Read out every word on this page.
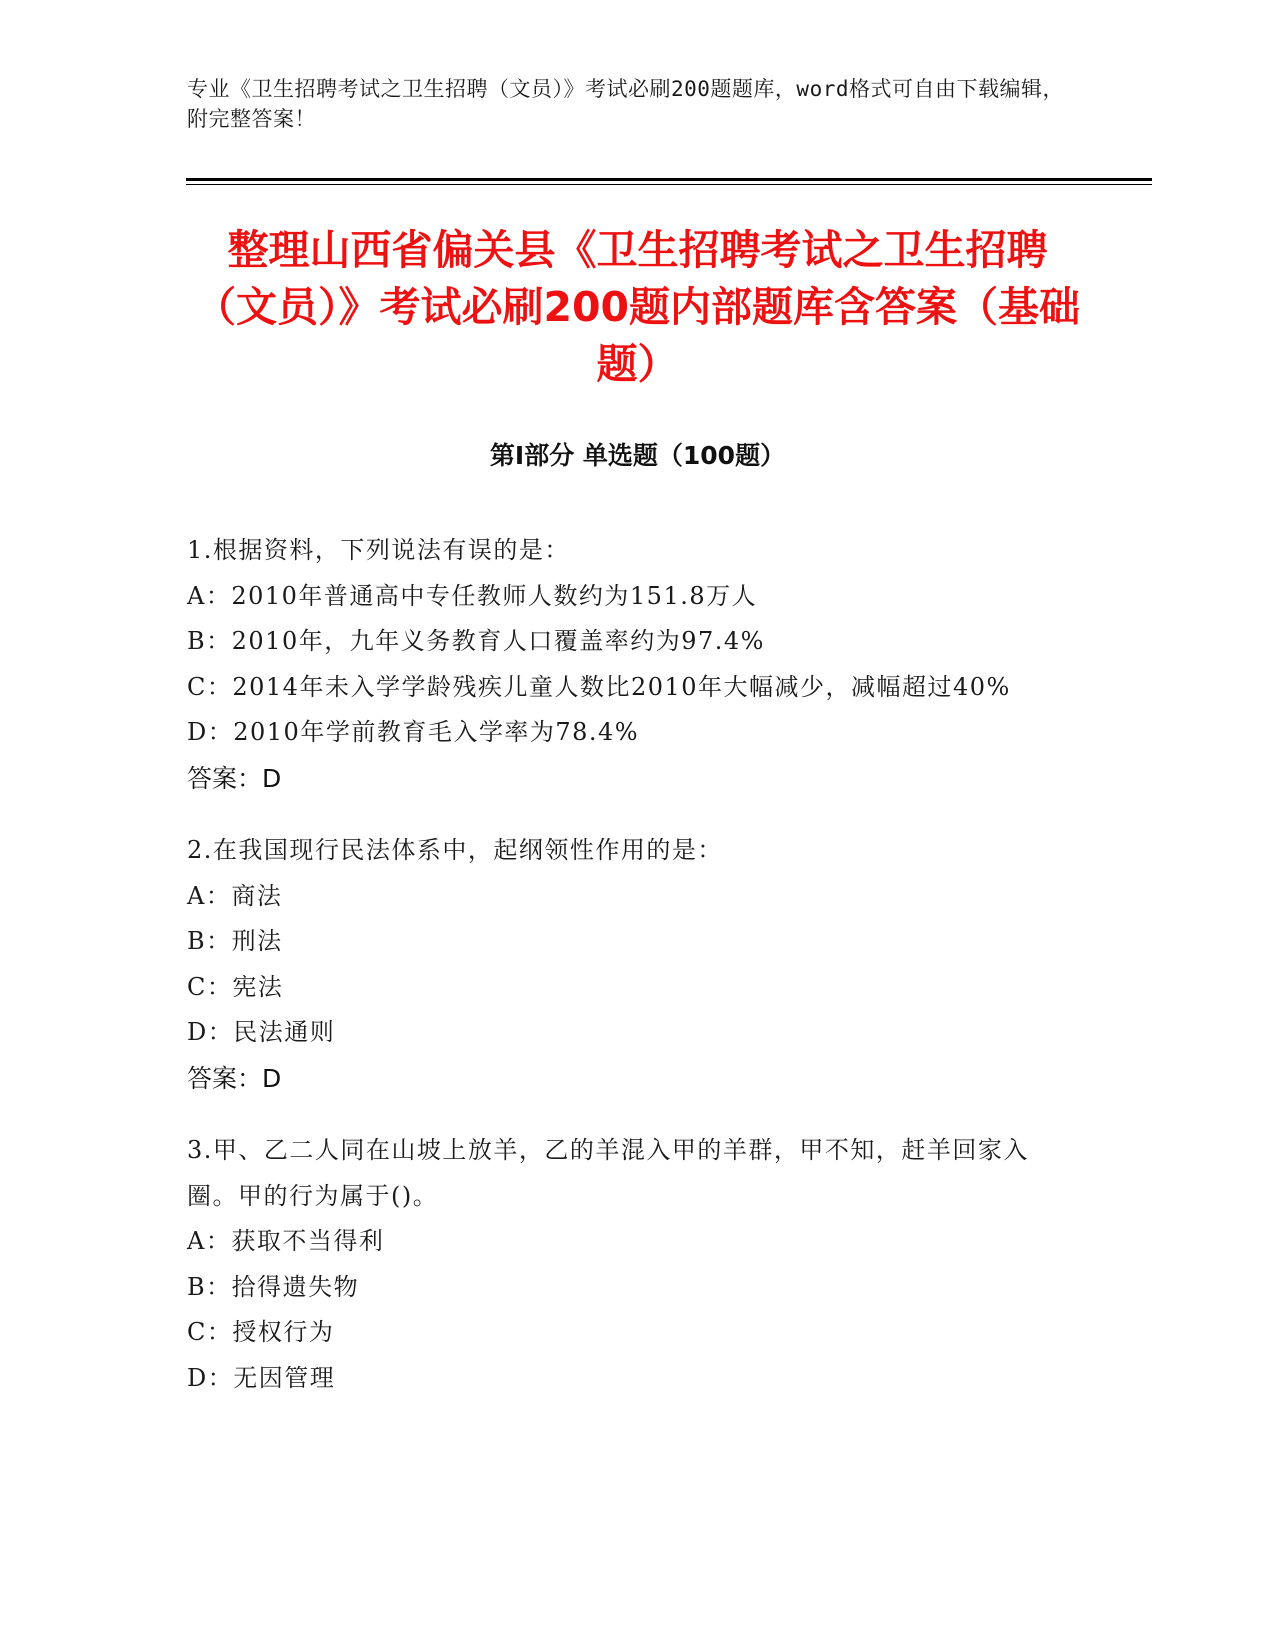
专业《卫生招聘考试之卫生招聘（文员）》考试必刷200题题库，word格式可自由下载编辑，附完整答案！
整理山西省偏关县《卫生招聘考试之卫生招聘（文员）》考试必刷200题内部题库含答案（基础题）
第Ⅰ部分 单选题（100题）
1.根据资料，下列说法有误的是：
A：2010年普通高中专任教师人数约为151.8万人
B：2010年，九年义务教育人口覆盖率约为97.4%
C：2014年未入学学龄残疾儿童人数比2010年大幅减少，减幅超过40%
D：2010年学前教育毛入学率为78.4%
答案：D
2.在我国现行民法体系中，起纲领性作用的是：
A：商法
B：刑法
C：宪法
D：民法通则
答案：D
3.甲、乙二人同在山坡上放羊，乙的羊混入甲的羊群，甲不知，赶羊回家入圈。甲的行为属于()。
A：获取不当得利
B：拾得遗失物
C：授权行为
D：无因管理
